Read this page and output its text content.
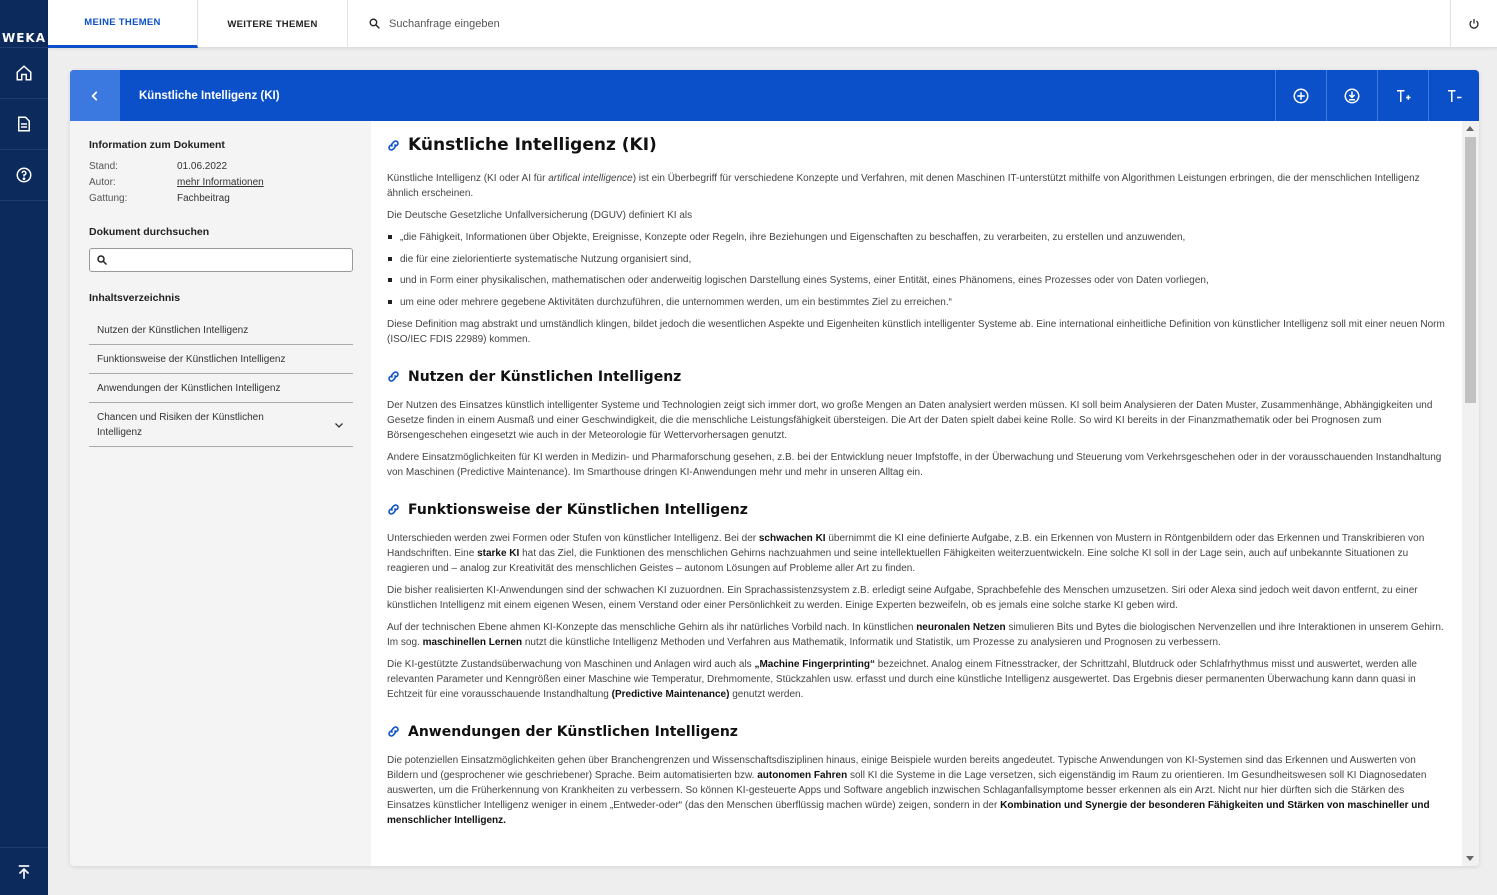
WEKA
MEINE THEMEN	WEITERE THEMEN	Suchanfrage eingeben
Künstliche Intelligenz (KI)
Information zum Dokument
Stand:	01.06.2022
Autor:	mehr Informationen
Gattung:	Fachbeitrag
Dokument durchsuchen
Inhaltsverzeichnis
Nutzen der Künstlichen Intelligenz
Funktionsweise der Künstlichen Intelligenz
Anwendungen der Künstlichen Intelligenz
Chancen und Risiken der Künstlichen Intelligenz
Künstliche Intelligenz (KI)

Künstliche Intelligenz (KI oder AI für artifical intelligence) ist ein Überbegriff für verschiedene Konzepte und Verfahren, mit denen Maschinen IT-unterstützt mithilfe von Algorithmen Leistungen erbringen, die der menschlichen Intelligenz ähnlich erscheinen.

Die Deutsche Gesetzliche Unfallversicherung (DGUV) definiert KI als

„die Fähigkeit, Informationen über Objekte, Ereignisse, Konzepte oder Regeln, ihre Beziehungen und Eigenschaften zu beschaffen, zu verarbeiten, zu erstellen und anzuwenden,
die für eine zielorientierte systematische Nutzung organisiert sind,
und in Form einer physikalischen, mathematischen oder anderweitig logischen Darstellung eines Systems, einer Entität, eines Phänomens, eines Prozesses oder von Daten vorliegen,
um eine oder mehrere gegebene Aktivitäten durchzuführen, die unternommen werden, um ein bestimmtes Ziel zu erreichen.“

Diese Definition mag abstrakt und umständlich klingen, bildet jedoch die wesentlichen Aspekte und Eigenheiten künstlich intelligenter Systeme ab. Eine international einheitliche Definition von künstlicher Intelligenz soll mit einer neuen Norm (ISO/IEC FDIS 22989) kommen.

Nutzen der Künstlichen Intelligenz

Der Nutzen des Einsatzes künstlich intelligenter Systeme und Technologien zeigt sich immer dort, wo große Mengen an Daten analysiert werden müssen. KI soll beim Analysieren der Daten Muster, Zusammenhänge, Abhängigkeiten und Gesetze finden in einem Ausmaß und einer Geschwindigkeit, die die menschliche Leistungsfähigkeit übersteigen. Die Art der Daten spielt dabei keine Rolle. So wird KI bereits in der Finanzmathematik oder bei Prognosen zum Börsengeschehen eingesetzt wie auch in der Meteorologie für Wettervorhersagen genutzt.

Andere Einsatzmöglichkeiten für KI werden in Medizin- und Pharmaforschung gesehen, z.B. bei der Entwicklung neuer Impfstoffe, in der Überwachung und Steuerung vom Verkehrsgeschehen oder in der vorausschauenden Instandhaltung von Maschinen (Predictive Maintenance). Im Smarthouse dringen KI-Anwendungen mehr und mehr in unseren Alltag ein.

Funktionsweise der Künstlichen Intelligenz

Unterschieden werden zwei Formen oder Stufen von künstlicher Intelligenz. Bei der schwachen KI übernimmt die KI eine definierte Aufgabe, z.B. ein Erkennen von Mustern in Röntgenbildern oder das Erkennen und Transkribieren von Handschriften. Eine starke KI hat das Ziel, die Funktionen des menschlichen Gehirns nachzuahmen und seine intellektuellen Fähigkeiten weiterzuentwickeln. Eine solche KI soll in der Lage sein, auch auf unbekannte Situationen zu reagieren und – analog zur Kreativität des menschlichen Geistes – autonom Lösungen auf Probleme aller Art zu finden.

Die bisher realisierten KI-Anwendungen sind der schwachen KI zuzuordnen. Ein Sprachassistenzsystem z.B. erledigt seine Aufgabe, Sprachbefehle des Menschen umzusetzen. Siri oder Alexa sind jedoch weit davon entfernt, zu einer künstlichen Intelligenz mit einem eigenen Wesen, einem Verstand oder einer Persönlichkeit zu werden. Einige Experten bezweifeln, ob es jemals eine solche starke KI geben wird.

Auf der technischen Ebene ahmen KI-Konzepte das menschliche Gehirn als ihr natürliches Vorbild nach. In künstlichen neuronalen Netzen simulieren Bits und Bytes die biologischen Nervenzellen und ihre Interaktionen in unserem Gehirn. Im sog. maschinellen Lernen nutzt die künstliche Intelligenz Methoden und Verfahren aus Mathematik, Informatik und Statistik, um Prozesse zu analysieren und Prognosen zu verbessern.

Die KI-gestützte Zustandsüberwachung von Maschinen und Anlagen wird auch als „Machine Fingerprinting“ bezeichnet. Analog einem Fitnesstracker, der Schrittzahl, Blutdruck oder Schlafrhythmus misst und auswertet, werden alle relevanten Parameter und Kenngrößen einer Maschine wie Temperatur, Drehmomente, Stückzahlen usw. erfasst und durch eine künstliche Intelligenz ausgewertet. Das Ergebnis dieser permanenten Überwachung kann dann quasi in Echtzeit für eine vorausschauende Instandhaltung (Predictive Maintenance) genutzt werden.

Anwendungen der Künstlichen Intelligenz

Die potenziellen Einsatzmöglichkeiten gehen über Branchengrenzen und Wissenschaftsdisziplinen hinaus, einige Beispiele wurden bereits angedeutet. Typische Anwendungen von KI-Systemen sind das Erkennen und Auswerten von Bildern und (gesprochener wie geschriebener) Sprache. Beim automatisierten bzw. autonomen Fahren soll KI die Systeme in die Lage versetzen, sich eigenständig im Raum zu orientieren. Im Gesundheitswesen soll KI Diagnosedaten auswerten, um die Früherkennung von Krankheiten zu verbessern. So können KI-gesteuerte Apps und Software angeblich inzwischen Schlaganfallsymptome besser erkennen als ein Arzt. Nicht nur hier dürften sich die Stärken des Einsatzes künstlicher Intelligenz weniger in einem „Entweder-oder“ (das den Menschen überflüssig machen würde) zeigen, sondern in der Kombination und Synergie der besonderen Fähigkeiten und Stärken von maschineller und menschlicher Intelligenz.
